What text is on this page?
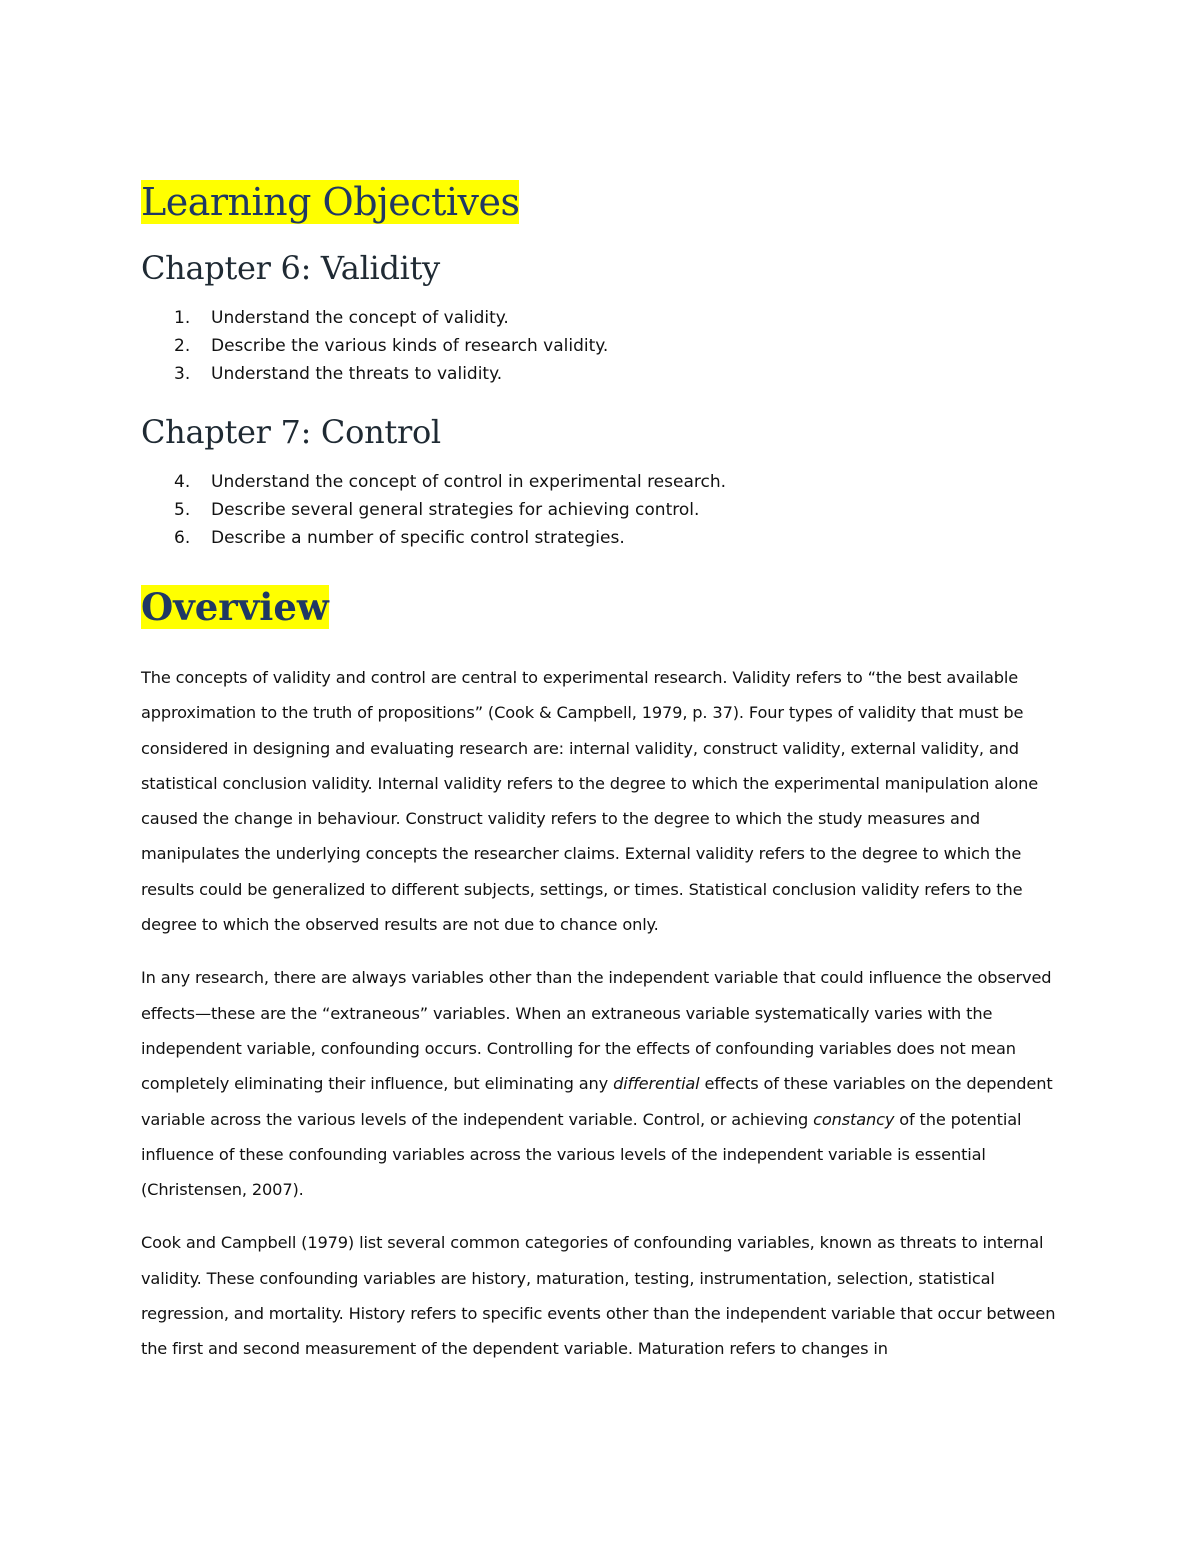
Learning Objectives
Chapter 6: Validity
1. Understand the concept of validity.
2. Describe the various kinds of research validity.
3. Understand the threats to validity.
Chapter 7: Control
4. Understand the concept of control in experimental research.
5. Describe several general strategies for achieving control.
6. Describe a number of specific control strategies.
Overview

The concepts of validity and control are central to experimental research. Validity refers to “the best available approximation to the truth of propositions” (Cook & Campbell, 1979, p. 37). Four types of validity that must be considered in designing and evaluating research are: internal validity, construct validity, external validity, and statistical conclusion validity. Internal validity refers to the degree to which the experimental manipulation alone caused the change in behaviour. Construct validity refers to the degree to which the study measures and manipulates the underlying concepts the researcher claims. External validity refers to the degree to which the results could be generalized to different subjects, settings, or times. Statistical conclusion validity refers to the degree to which the observed results are not due to chance only.

In any research, there are always variables other than the independent variable that could influence the observed effects—these are the “extraneous” variables. When an extraneous variable systematically varies with the independent variable, confounding occurs. Controlling for the effects of confounding variables does not mean completely eliminating their influence, but eliminating any differential effects of these variables on the dependent variable across the various levels of the independent variable. Control, or achieving constancy of the potential influence of these confounding variables across the various levels of the independent variable is essential (Christensen, 2007).

Cook and Campbell (1979) list several common categories of confounding variables, known as threats to internal validity. These confounding variables are history, maturation, testing, instrumentation, selection, statistical regression, and mortality. History refers to specific events other than the independent variable that occur between the first and second measurement of the dependent variable. Maturation refers to changes in
